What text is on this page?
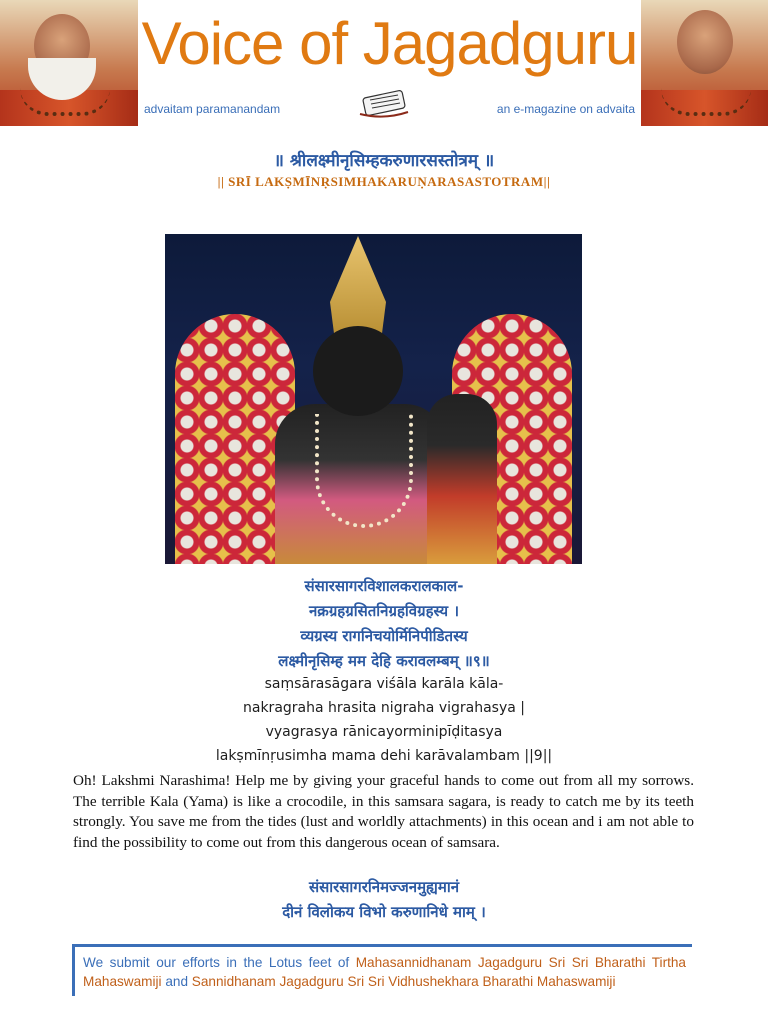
Voice of Jagadguru
advaitam paramanandam	an e-magazine on advaita
॥ श्रीलक्ष्मीनृसिम्हकरुणारसस्तोत्रम् ॥
|| SRĪ LAKṢMĪNṚSIMHAKARUṆARASASTOTRAM||
संसारसागरविशालकरालकाल-
नक्रग्रहग्रसितनिग्रहविग्रहस्य ।
व्यग्रस्य रागनिचयोर्मिनिपीडितस्य
लक्ष्मीनृसिम्ह मम देहि करावलम्बम् ॥९॥
saṃsārasāgara viśāla karāla kāla-
nakragraha hrasita nigraha vigrahasya |
vyagrasya rānicayorminipīḍitasya
lakṣmīnṛusimha mama dehi karāvalambam ||9||
Oh! Lakshmi Narashima! Help me by giving your graceful hands to come out from all my sorrows. The terrible Kala (Yama) is like a crocodile, in this samsara sagara, is ready to catch me by its teeth strongly. You save me from the tides (lust and worldly attachments) in this ocean and i am not able to find the possibility to come out from this dangerous ocean of samsara.
संसारसागरनिमज्जनमुह्यमानं
दीनं विलोकय विभो करुणानिधे माम् ।
We submit our efforts in the Lotus feet of Mahasannidhanam Jagadguru Sri Sri Bharathi Tirtha Mahaswamiji and Sannidhanam Jagadguru Sri Sri Vidhushekhara Bharathi Mahaswamiji
